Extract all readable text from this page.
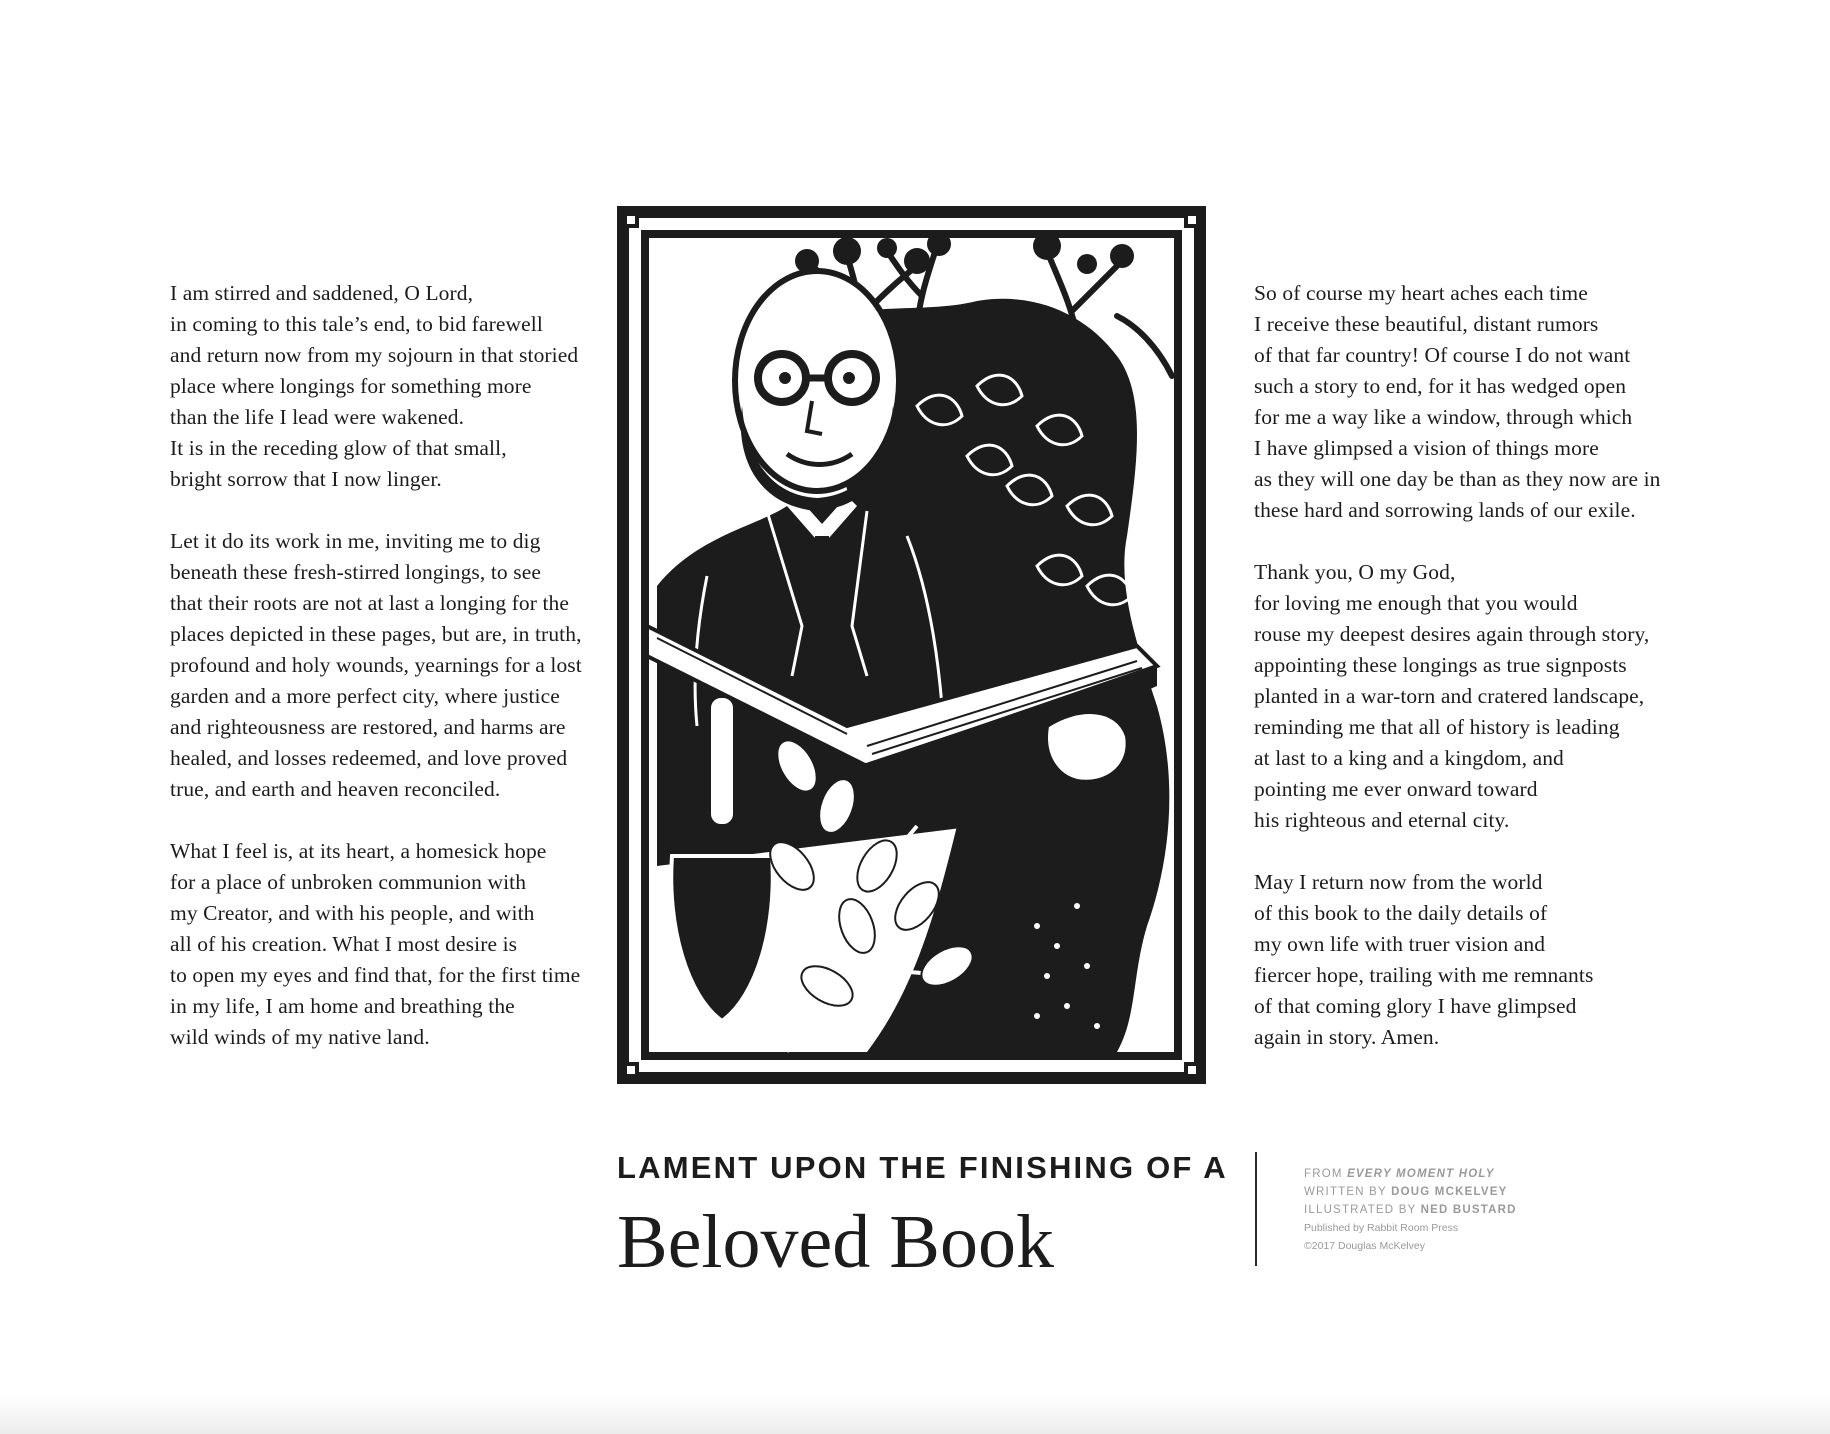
I am stirred and saddened, O Lord,
in coming to this tale’s end, to bid farewell
and return now from my sojourn in that storied
place where longings for something more
than the life I lead were wakened.
It is in the receding glow of that small,
bright sorrow that I now linger.
Let it do its work in me, inviting me to dig
beneath these fresh-stirred longings, to see
that their roots are not at last a longing for the
places depicted in these pages, but are, in truth,
profound and holy wounds, yearnings for a lost
garden and a more perfect city, where justice
and righteousness are restored, and harms are
healed, and losses redeemed, and love proved
true, and earth and heaven reconciled.
What I feel is, at its heart, a homesick hope
for a place of unbroken communion with
my Creator, and with his people, and with
all of his creation. What I most desire is
to open my eyes and find that, for the first time
in my life, I am home and breathing the
wild winds of my native land.
So of course my heart aches each time
I receive these beautiful, distant rumors
of that far country! Of course I do not want
such a story to end, for it has wedged open
for me a way like a window, through which
I have glimpsed a vision of things more
as they will one day be than as they now are in
these hard and sorrowing lands of our exile.
Thank you, O my God,
for loving me enough that you would
rouse my deepest desires again through story,
appointing these longings as true signposts
planted in a war-torn and cratered landscape,
reminding me that all of history is leading
at last to a king and a kingdom, and
pointing me ever onward toward
his righteous and eternal city.
May I return now from the world
of this book to the daily details of
my own life with truer vision and
fiercer hope, trailing with me remnants
of that coming glory I have glimpsed
again in story. Amen.
LAMENT UPON THE FINISHING OF A
Beloved Book
FROM EVERY MOMENT HOLY
WRITTEN BY DOUG MCKELVEY
ILLUSTRATED BY NED BUSTARD
Published by Rabbit Room Press
©2017 Douglas McKelvey
